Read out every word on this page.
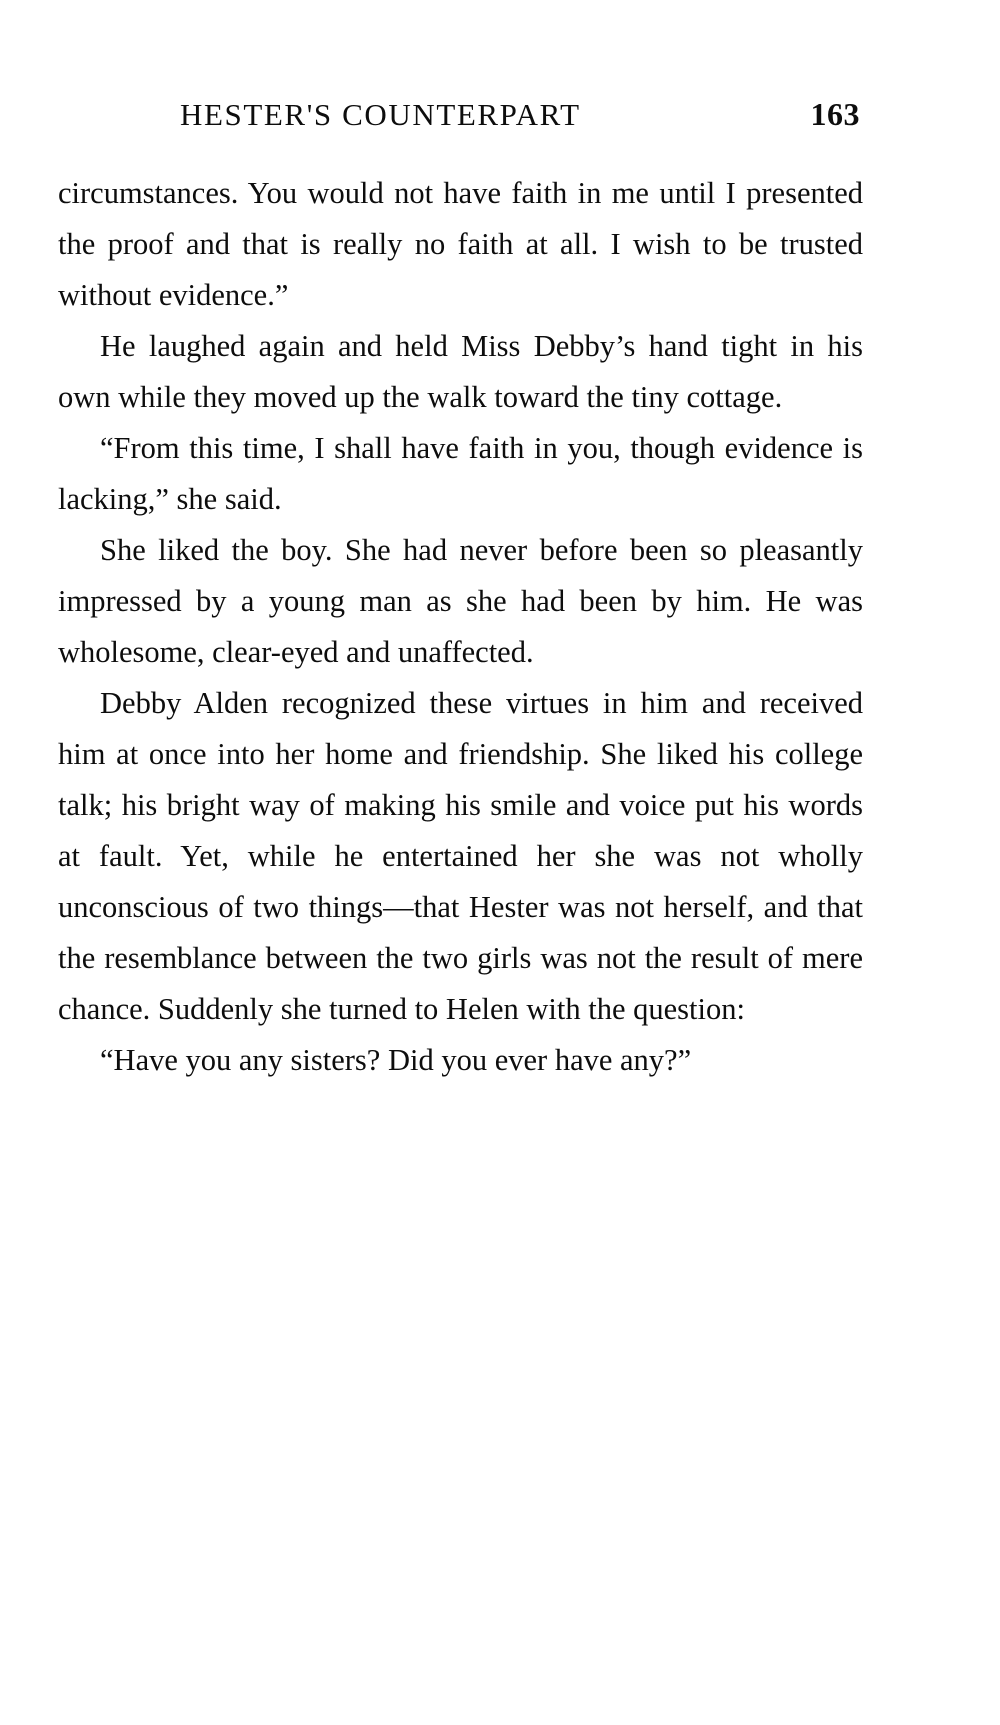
HESTER'S COUNTERPART	163

circumstances. You would not have faith in me until I presented the proof and that is really no faith at all. I wish to be trusted without evidence.”

He laughed again and held Miss Debby’s hand tight in his own while they moved up the walk toward the tiny cottage.

“From this time, I shall have faith in you, though evidence is lacking,” she said.

She liked the boy. She had never before been so pleasantly impressed by a young man as she had been by him. He was wholesome, clear-eyed and unaffected.

Debby Alden recognized these virtues in him and received him at once into her home and friendship. She liked his college talk; his bright way of making his smile and voice put his words at fault. Yet, while he entertained her she was not wholly unconscious of two things—that Hester was not herself, and that the resemblance between the two girls was not the result of mere chance. Suddenly she turned to Helen with the question:

“Have you any sisters? Did you ever have any?”
